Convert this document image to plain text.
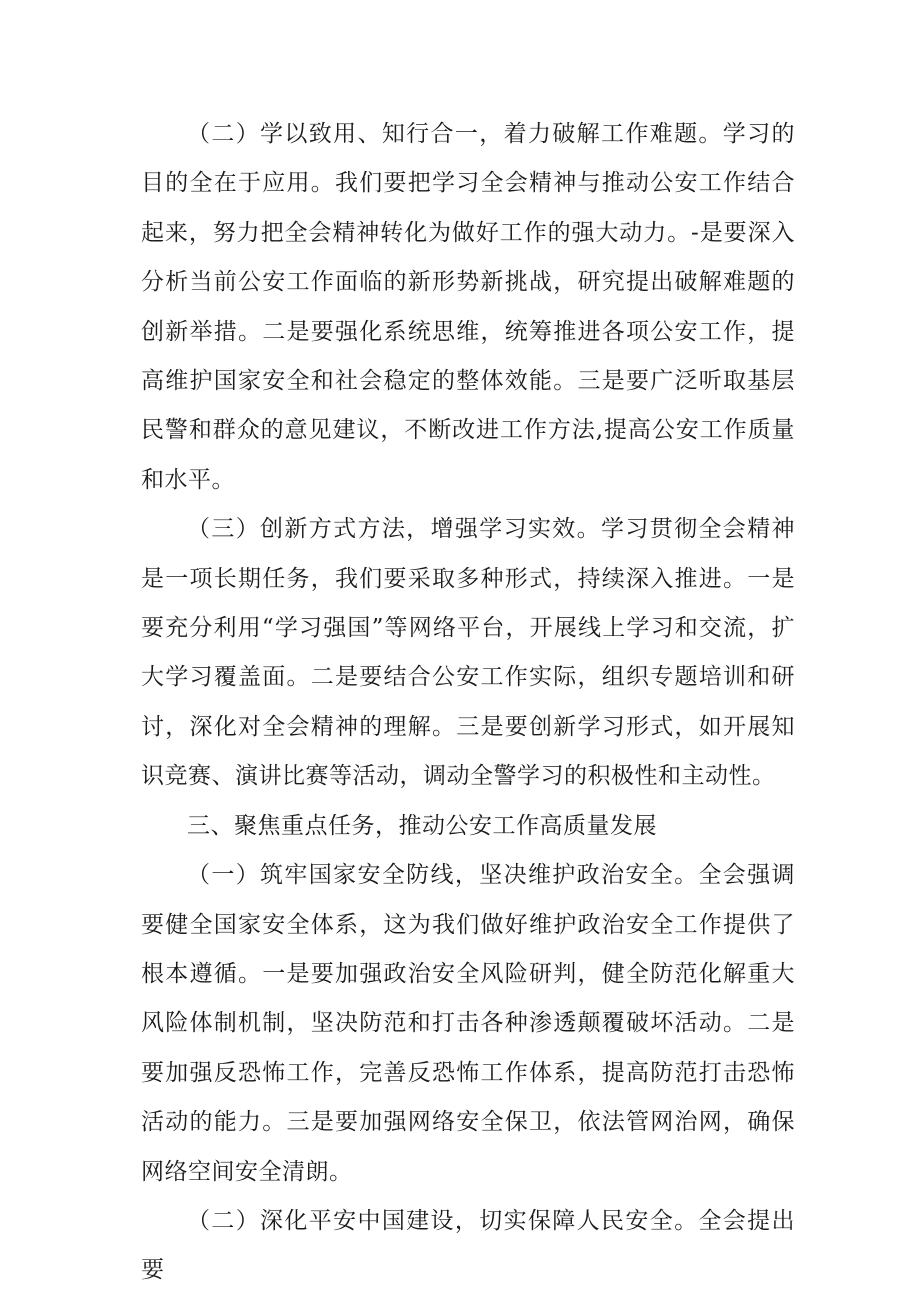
（二）学以致用、知行合一，着力破解工作难题。学习的目的全在于应用。我们要把学习全会精神与推动公安工作结合起来，努力把全会精神转化为做好工作的强大动力。-是要深入分析当前公安工作面临的新形势新挑战，研究提出破解难题的创新举措。二是要强化系统思维，统筹推进各项公安工作，提高维护国家安全和社会稳定的整体效能。三是要广泛听取基层民警和群众的意见建议，不断改进工作方法,提高公安工作质量和水平。

（三）创新方式方法，增强学习实效。学习贯彻全会精神是一项长期任务，我们要采取多种形式，持续深入推进。一是要充分利用“学习强国”等网络平台，开展线上学习和交流，扩大学习覆盖面。二是要结合公安工作实际，组织专题培训和研讨，深化对全会精神的理解。三是要创新学习形式，如开展知识竞赛、演讲比赛等活动，调动全警学习的积极性和主动性。

三、聚焦重点任务，推动公安工作高质量发展

（一）筑牢国家安全防线，坚决维护政治安全。全会强调要健全国家安全体系，这为我们做好维护政治安全工作提供了根本遵循。一是要加强政治安全风险研判，健全防范化解重大风险体制机制，坚决防范和打击各种渗透颠覆破坏活动。二是要加强反恐怖工作，完善反恐怖工作体系，提高防范打击恐怖活动的能力。三是要加强网络安全保卫，依法管网治网，确保网络空间安全清朗。

（二）深化平安中国建设，切实保障人民安全。全会提出要
